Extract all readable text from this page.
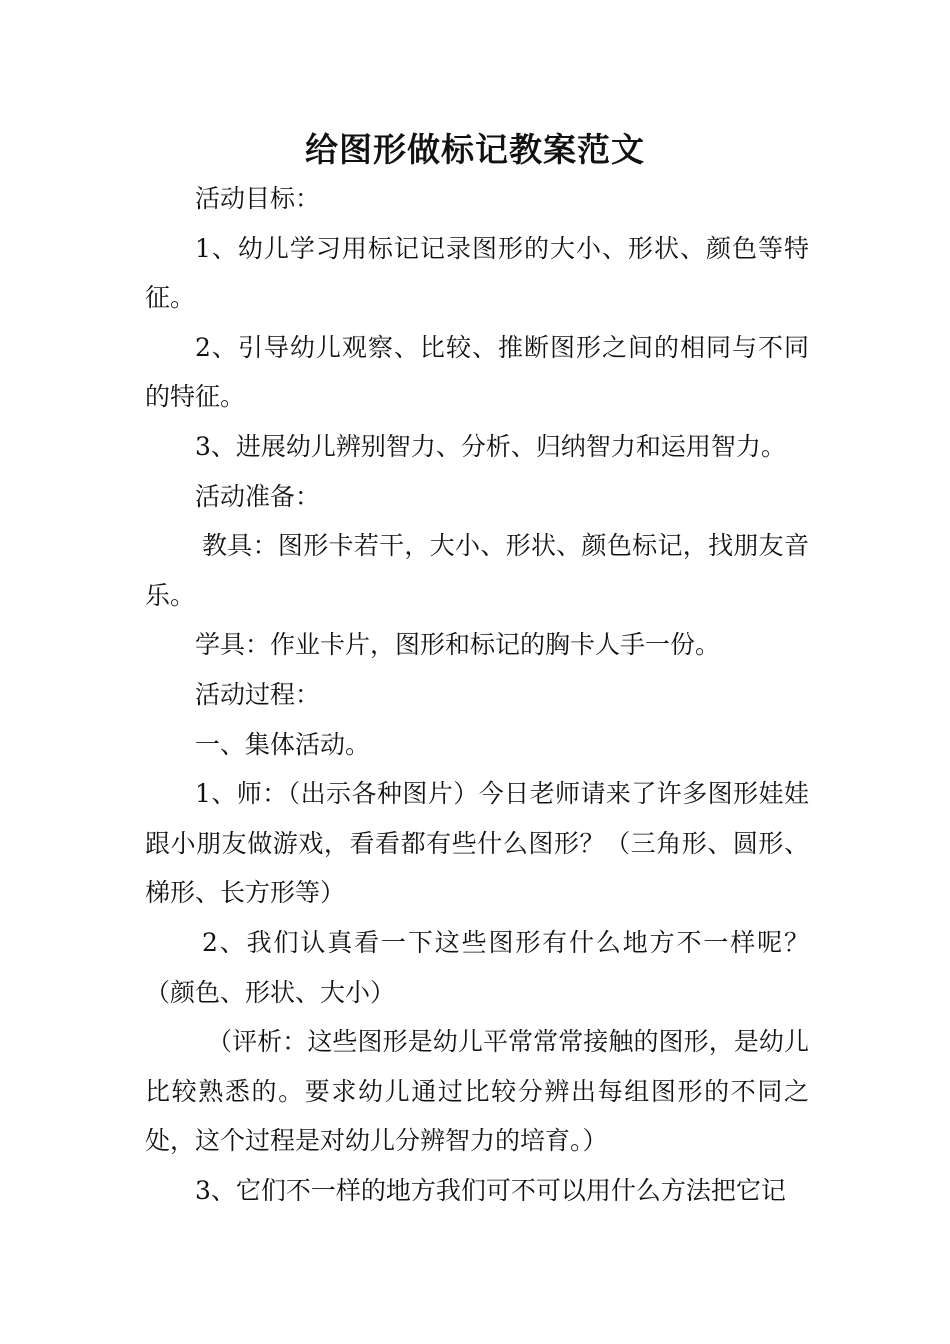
给图形做标记教案范文

活动目标：

1、幼儿学习用标记记录图形的大小、形状、颜色等特征。

2、引导幼儿观察、比较、推断图形之间的相同与不同的特征。

3、进展幼儿辨别智力、分析、归纳智力和运用智力。

活动准备：

教具：图形卡若干，大小、形状、颜色标记，找朋友音乐。

学具：作业卡片，图形和标记的胸卡人手一份。

活动过程：

一、集体活动。

1、师：（出示各种图片）今日老师请来了许多图形娃娃跟小朋友做游戏，看看都有些什么图形？（三角形、圆形、梯形、长方形等）

2、我们认真看一下这些图形有什么地方不一样呢？（颜色、形状、大小）

（评析：这些图形是幼儿平常常常接触的图形，是幼儿比较熟悉的。要求幼儿通过比较分辨出每组图形的不同之处，这个过程是对幼儿分辨智力的培育。）

3、它们不一样的地方我们可不可以用什么方法把它记
